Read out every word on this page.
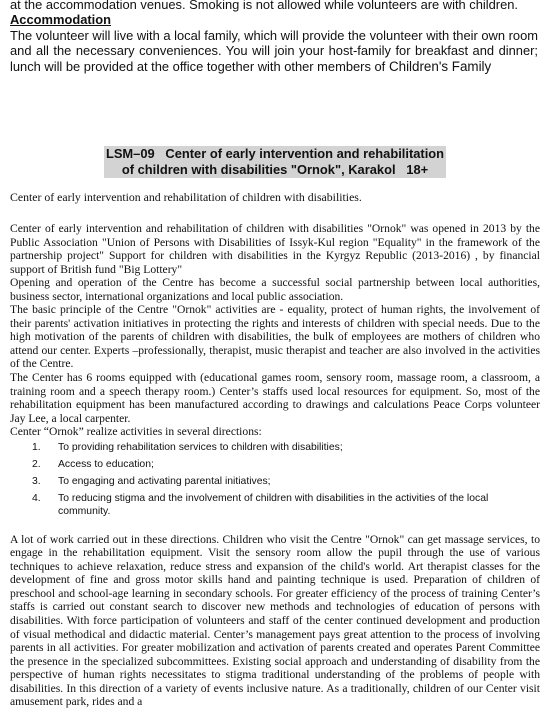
at the accommodation venues. Smoking is not allowed while volunteers are with children.

Accommodation

The volunteer will live with a local family, which will provide the volunteer with their own room and all the necessary conveniences. You will join your host-family for breakfast and dinner; lunch will be provided at the office together with other members of Children's Family

LSM–09   Center of early intervention and rehabilitation
of children with disabilities "Ornok", Karakol   18+
Center of early intervention and rehabilitation of children with disabilities.

Center of early intervention and rehabilitation of children with disabilities "Ornok" was opened in 2013 by the Public Association "Union of Persons with Disabilities of Issyk-Kul region "Equality" in the framework of the partnership project" Support for children with disabilities in the Kyrgyz Republic (2013-2016) , by financial support of British fund "Big Lottery"

Opening and operation of the Centre has become a successful social partnership between local authorities, business sector, international organizations and local public association.

The basic principle of the Centre "Ornok" activities are - equality, protect of human rights, the involvement of their parents' activation initiatives in protecting the rights and interests of children with special needs. Due to the high motivation of the parents of children with disabilities, the bulk of employees are mothers of children who attend our center. Experts –professionally, therapist, music therapist and teacher are also involved in the activities of the Centre.

The Center has 6 rooms equipped with (educational games room, sensory room, massage room, a classroom, a training room and a speech therapy room.) Center’s staffs used local resources for equipment. So, most of the rehabilitation equipment has been manufactured according to drawings and calculations Peace Corps volunteer Jay Lee, a local carpenter.

Center “Ornok” realize activities in several directions:

1. To providing rehabilitation services to children with disabilities;
2. Access to education;
3. To engaging and activating parental initiatives;
4. To reducing stigma and the involvement of children with disabilities in the activities of the local community.

A lot of work carried out in these directions. Children who visit the Centre "Ornok" can get massage services, to engage in the rehabilitation equipment. Visit the sensory room allow the pupil through the use of various techniques to achieve relaxation, reduce stress and expansion of the child's world. Art therapist classes for the development of fine and gross motor skills hand and painting technique is used. Preparation of children of preschool and school-age learning in secondary schools. For greater efficiency of the process of training Center’s staffs is carried out constant search to discover new methods and technologies of education of persons with disabilities. With force participation of volunteers and staff of the center continued development and production of visual methodical and didactic material. Center’s management pays great attention to the process of involving parents in all activities. For greater mobilization and activation of parents created and operates Parent Committee the presence in the specialized subcommittees. Existing social approach and understanding of disability from the perspective of human rights necessitates to stigma traditional understanding of the problems of people with disabilities. In this direction of a variety of events inclusive nature. As a traditionally, children of our Center visit amusement park, rides and a
